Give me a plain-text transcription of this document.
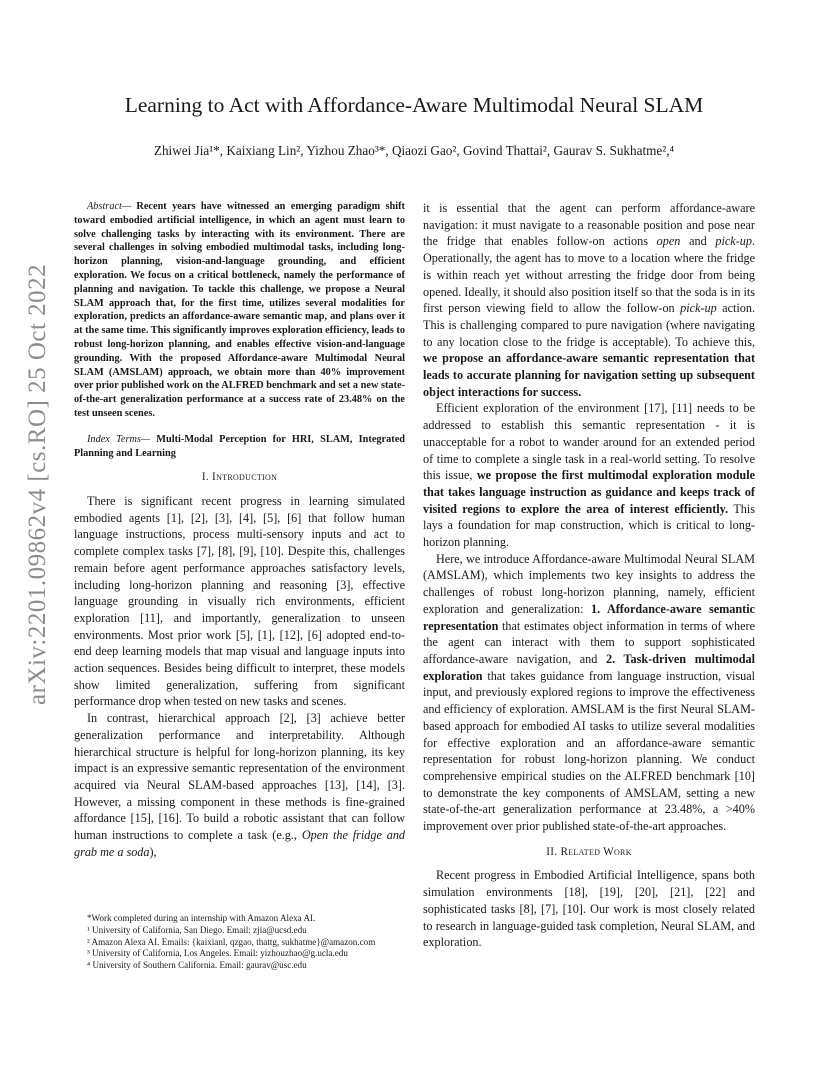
arXiv:2201.09862v4 [cs.RO] 25 Oct 2022
Learning to Act with Affordance-Aware Multimodal Neural SLAM
Zhiwei Jia¹*, Kaixiang Lin², Yizhou Zhao³*, Qiaozi Gao², Govind Thattai², Gaurav S. Sukhatme²,⁴

Abstract— Recent years have witnessed an emerging paradigm shift toward embodied artificial intelligence, in which an agent must learn to solve challenging tasks by interacting with its environment. There are several challenges in solving embodied multimodal tasks, including long-horizon planning, vision-and-language grounding, and efficient exploration. We focus on a critical bottleneck, namely the performance of planning and navigation. To tackle this challenge, we propose a Neural SLAM approach that, for the first time, utilizes several modalities for exploration, predicts an affordance-aware semantic map, and plans over it at the same time. This significantly improves exploration efficiency, leads to robust long-horizon planning, and enables effective vision-and-language grounding. With the proposed Affordance-aware Multimodal Neural SLAM (AMSLAM) approach, we obtain more than 40% improvement over prior published work on the ALFRED benchmark and set a new state-of-the-art generalization performance at a success rate of 23.48% on the test unseen scenes.

Index Terms— Multi-Modal Perception for HRI, SLAM, Integrated Planning and Learning

I. Introduction

There is significant recent progress in learning simulated embodied agents [1], [2], [3], [4], [5], [6] that follow human language instructions, process multi-sensory inputs and act to complete complex tasks [7], [8], [9], [10]. Despite this, challenges remain before agent performance approaches satisfactory levels, including long-horizon planning and reasoning [3], effective language grounding in visually rich environments, efficient exploration [11], and importantly, generalization to unseen environments. Most prior work [5], [1], [12], [6] adopted end-to-end deep learning models that map visual and language inputs into action sequences. Besides being difficult to interpret, these models show limited generalization, suffering from significant performance drop when tested on new tasks and scenes.

In contrast, hierarchical approach [2], [3] achieve better generalization performance and interpretability. Although hierarchical structure is helpful for long-horizon planning, its key impact is an expressive semantic representation of the environment acquired via Neural SLAM-based approaches [13], [14], [3]. However, a missing component in these methods is fine-grained affordance [15], [16]. To build a robotic assistant that can follow human instructions to complete a task (e.g., Open the fridge and grab me a soda),

*Work completed during an internship with Amazon Alexa AI.

¹ University of California, San Diego. Email: zjia@ucsd.edu

² Amazon Alexa AI. Emails: {kaixianl, qzgao, thattg, sukhatme}@amazon.com

³ University of California, Los Angeles. Email: yizhouzhao@g.ucla.edu

⁴ University of Southern California. Email: gaurav@usc.edu

it is essential that the agent can perform affordance-aware navigation: it must navigate to a reasonable position and pose near the fridge that enables follow-on actions open and pick-up. Operationally, the agent has to move to a location where the fridge is within reach yet without arresting the fridge door from being opened. Ideally, it should also position itself so that the soda is in its first person viewing field to allow the follow-on pick-up action. This is challenging compared to pure navigation (where navigating to any location close to the fridge is acceptable). To achieve this, we propose an affordance-aware semantic representation that leads to accurate planning for navigation setting up subsequent object interactions for success.

Efficient exploration of the environment [17], [11] needs to be addressed to establish this semantic representation - it is unacceptable for a robot to wander around for an extended period of time to complete a single task in a real-world setting. To resolve this issue, we propose the first multimodal exploration module that takes language instruction as guidance and keeps track of visited regions to explore the area of interest efficiently. This lays a foundation for map construction, which is critical to long-horizon planning.

Here, we introduce Affordance-aware Multimodal Neural SLAM (AMSLAM), which implements two key insights to address the challenges of robust long-horizon planning, namely, efficient exploration and generalization: 1. Affordance-aware semantic representation that estimates object information in terms of where the agent can interact with them to support sophisticated affordance-aware navigation, and 2. Task-driven multimodal exploration that takes guidance from language instruction, visual input, and previously explored regions to improve the effectiveness and efficiency of exploration. AMSLAM is the first Neural SLAM-based approach for embodied AI tasks to utilize several modalities for effective exploration and an affordance-aware semantic representation for robust long-horizon planning. We conduct comprehensive empirical studies on the ALFRED benchmark [10] to demonstrate the key components of AMSLAM, setting a new state-of-the-art generalization performance at 23.48%, a >40% improvement over prior published state-of-the-art approaches.

II. Related Work

Recent progress in Embodied Artificial Intelligence, spans both simulation environments [18], [19], [20], [21], [22] and sophisticated tasks [8], [7], [10]. Our work is most closely related to research in language-guided task completion, Neural SLAM, and exploration.
